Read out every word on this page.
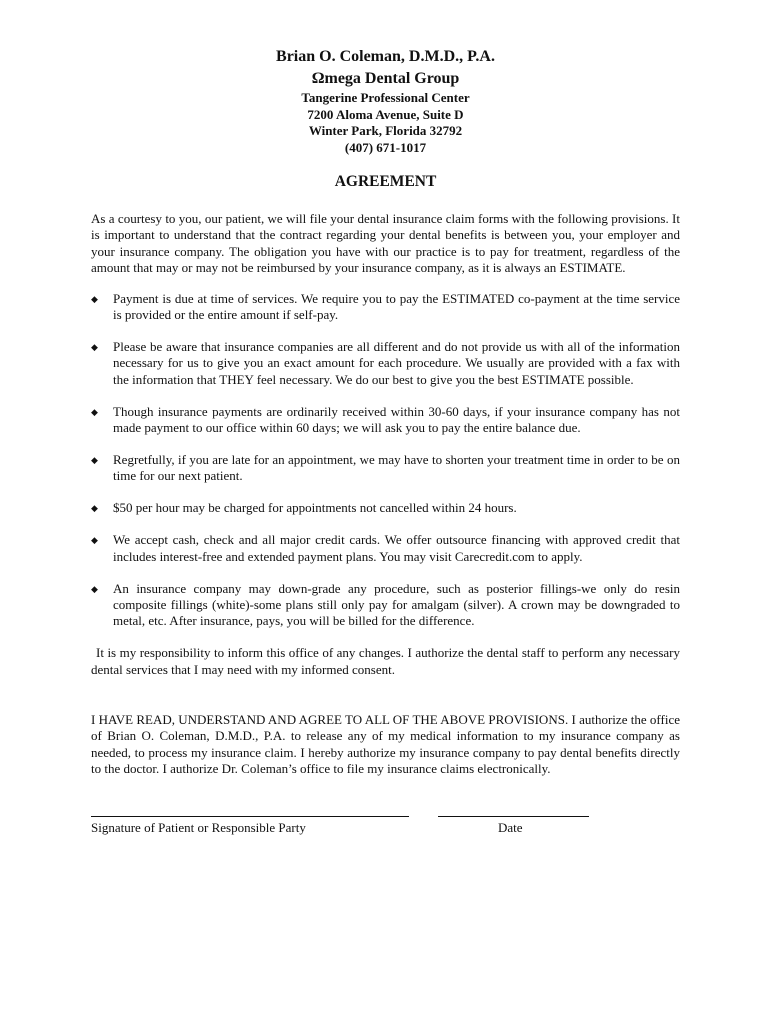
Brian O. Coleman, D.M.D., P.A.
Ωmega Dental Group
Tangerine Professional Center
7200 Aloma Avenue, Suite D
Winter Park, Florida 32792
(407) 671-1017
AGREEMENT

As a courtesy to you, our patient, we will file your dental insurance claim forms with the following provisions. It is important to understand that the contract regarding your dental benefits is between you, your employer and your insurance company. The obligation you have with our practice is to pay for treatment, regardless of the amount that may or may not be reimbursed by your insurance company, as it is always an ESTIMATE.

◆ Payment is due at time of services. We require you to pay the ESTIMATED co-payment at the time service is provided or the entire amount if self-pay.
◆ Please be aware that insurance companies are all different and do not provide us with all of the information necessary for us to give you an exact amount for each procedure. We usually are provided with a fax with the information that THEY feel necessary. We do our best to give you the best ESTIMATE possible.
◆ Though insurance payments are ordinarily received within 30-60 days, if your insurance company has not made payment to our office within 60 days; we will ask you to pay the entire balance due.
◆ Regretfully, if you are late for an appointment, we may have to shorten your treatment time in order to be on time for our next patient.
◆ $50 per hour may be charged for appointments not cancelled within 24 hours.
◆ We accept cash, check and all major credit cards. We offer outsource financing with approved credit that includes interest-free and extended payment plans. You may visit Carecredit.com to apply.
◆ An insurance company may down-grade any procedure, such as posterior fillings-we only do resin composite fillings (white)-some plans still only pay for amalgam (silver). A crown may be downgraded to metal, etc. After insurance, pays, you will be billed for the difference.

It is my responsibility to inform this office of any changes. I authorize the dental staff to perform any necessary dental services that I may need with my informed consent.

I HAVE READ, UNDERSTAND AND AGREE TO ALL OF THE ABOVE PROVISIONS. I authorize the office of Brian O. Coleman, D.M.D., P.A. to release any of my medical information to my insurance company as needed, to process my insurance claim. I hereby authorize my insurance company to pay dental benefits directly to the doctor. I authorize Dr. Coleman’s office to file my insurance claims electronically.

Signature of Patient or Responsible Party	Date
